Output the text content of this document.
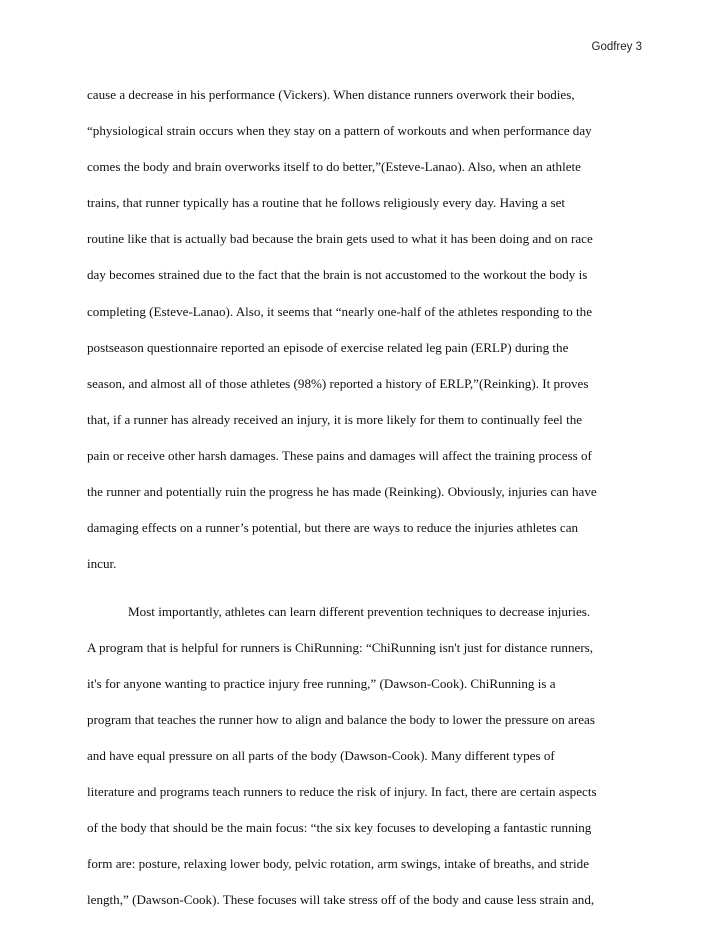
Godfrey 3
cause a decrease in his performance (Vickers). When distance runners overwork their bodies,
“physiological strain occurs when they stay on a pattern of workouts and when performance day
comes the body and brain overworks itself to do better,”(Esteve-Lanao). Also, when an athlete
trains, that runner typically has a routine that he follows religiously every day. Having a set
routine like that is actually bad because the brain gets used to what it has been doing and on race
day becomes strained due to the fact that the brain is not accustomed to the workout the body is
completing (Esteve-Lanao). Also, it seems that “nearly one-half of the athletes responding to the
postseason questionnaire reported an episode of exercise related leg pain (ERLP) during the
season, and almost all of those athletes (98%) reported a history of ERLP,”(Reinking). It proves
that, if a runner has already received an injury, it is more likely for them to continually feel the
pain or receive other harsh damages. These pains and damages will affect the training process of
the runner and potentially ruin the progress he has made (Reinking). Obviously, injuries can have
damaging effects on a runner’s potential, but there are ways to reduce the injuries athletes can
incur.
Most importantly, athletes can learn different prevention techniques to decrease injuries.
A program that is helpful for runners is ChiRunning: “ChiRunning isn't just for distance runners,
it's for anyone wanting to practice injury free running,” (Dawson-Cook). ChiRunning is a
program that teaches the runner how to align and balance the body to lower the pressure on areas
and have equal pressure on all parts of the body (Dawson-Cook). Many different types of
literature and programs teach runners to reduce the risk of injury. In fact, there are certain aspects
of the body that should be the main focus: “the six key focuses to developing a fantastic running
form are: posture, relaxing lower body, pelvic rotation, arm swings, intake of breaths, and stride
length,” (Dawson-Cook). These focuses will take stress off of the body and cause less strain and,
